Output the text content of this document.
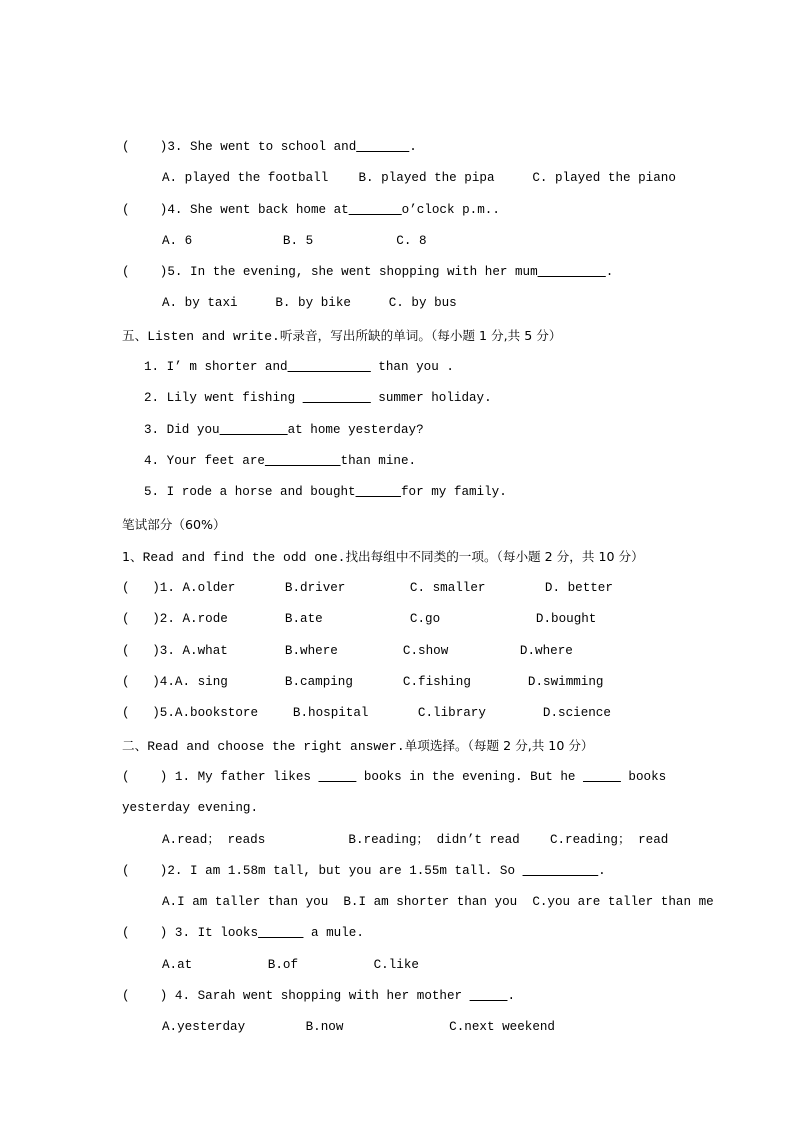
(    )3. She went to school and_______.
A. played the football    B. played the pipa     C. played the piano
(    )4. She went back home at_______o’clock p.m..
A. 6            B. 5           C. 8
(    )5. In the evening, she went shopping with her mum_________.
A. by taxi     B. by bike     C. by bus
五、Listen and write.听录音，写出所缺的单词。（每小题 1 分,共 5 分）
1. I’ m shorter and___________ than you .
2. Lily went fishing _________ summer holiday.
3. Did you_________at home yesterday?
4. Your feet are__________than mine.
5. I rode a horse and bought______for my family.
笔试部分（60%）
1、Read and find the odd one.找出每组中不同类的一项。（每小题 2 分，共 10 分）
(   )1. A.older	B.driver	C. smaller	D. better
(   )2. A.rode	B.ate	C.go	D.bought
(   )3. A.what	B.where	C.show	D.where
(   )4.A. sing	B.camping	C.fishing	D.swimming
(   )5.A.bookstore	B.hospital	C.library	D.science
二、Read and choose the right answer.单项选择。（每题 2 分,共 10 分）
(    ) 1. My father likes _____ books in the evening. But he _____ books
yesterday evening.
A.read； reads           B.reading； didn’t read    C.reading； read
(    )2. I am 1.58m tall, but you are 1.55m tall. So __________.
A.I am taller than you  B.I am shorter than you  C.you are taller than me
(    ) 3. It looks______ a mule.
A.at          B.of          C.like
(    ) 4. Sarah went shopping with her mother _____.
A.yesterday        B.now              C.next weekend
